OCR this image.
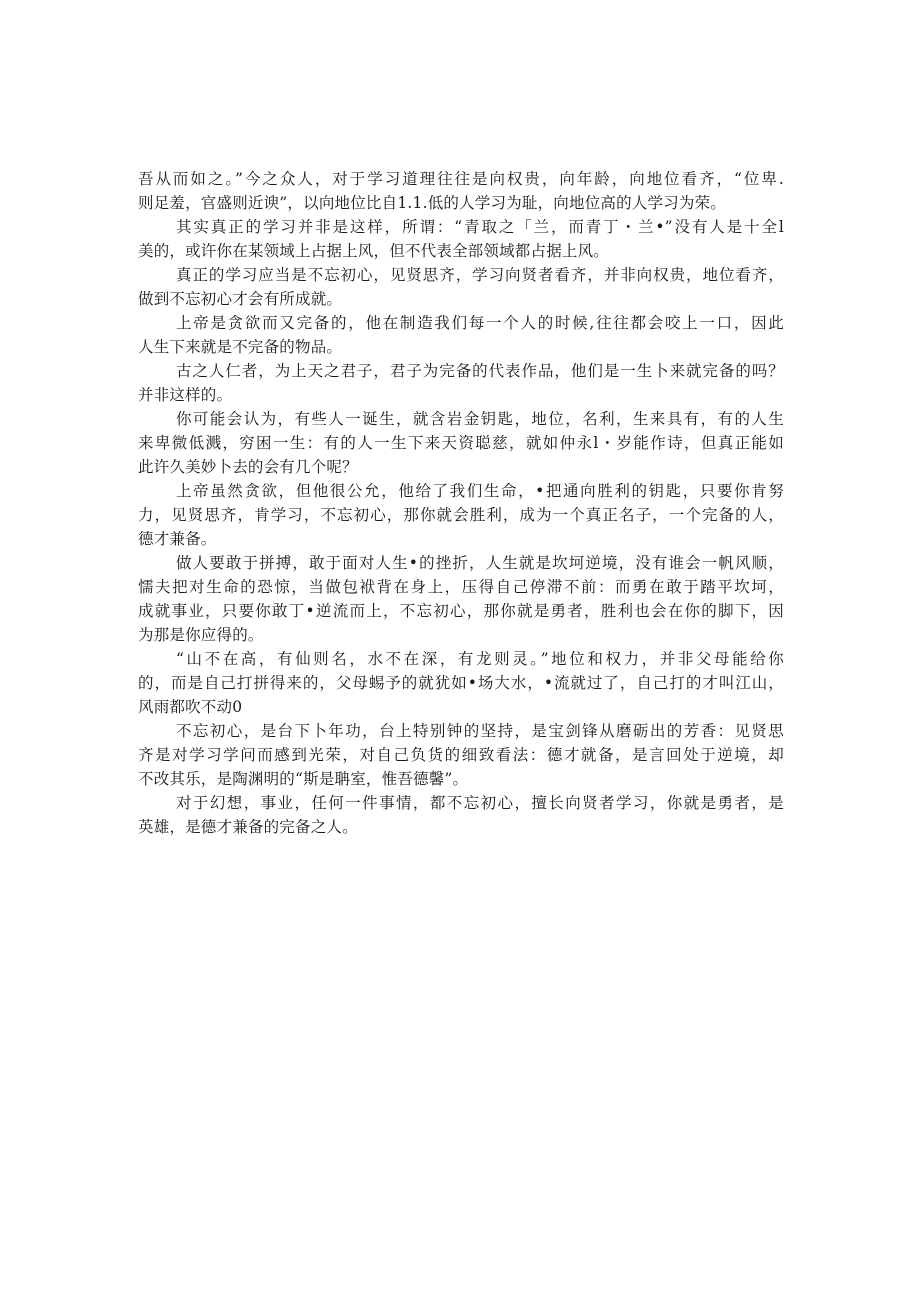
吾从而如之。”今之众人，对于学习道理往往是向权贵，向年龄，向地位看齐，“位卑.
则足羞，官盛则近谀”，以向地位比自1.1.低的人学习为耻，向地位高的人学习为荣。
其实真正的学习并非是这样，所谓：“青取之「兰，而青丁・兰•”没有人是十全l
美的，或许你在某领域上占据上风，但不代表全部领域都占据上风。
真正的学习应当是不忘初心，见贤思齐，学习向贤者看齐，并非向权贵，地位看齐，
做到不忘初心才会有所成就。
上帝是贪欲而又完备的，他在制造我们每一个人的时候,往往都会咬上一口，因此
人生下来就是不完备的物品。
古之人仁者，为上天之君子，君子为完备的代表作品，他们是一生卜来就完备的吗？
并非这样的。
你可能会认为，有些人一诞生，就含岩金钥匙，地位，名利，生来具有，有的人生
来卑微低溅，穷困一生：有的人一生下来天资聪慈，就如仲永l・岁能作诗，但真正能如
此许久美妙卜去的会有几个呢？
上帝虽然贪欲，但他很公允，他给了我们生命，•把通向胜利的钥匙，只要你肯努
力，见贤思齐，肯学习，不忘初心，那你就会胜利，成为一个真正名子，一个完备的人，
德才兼备。
做人要敢于拼搏，敢于面对人生•的挫折，人生就是坎坷逆境，没有谁会一帆风顺，
懦夫把对生命的恐惊，当做包袱背在身上，压得自己停滞不前：而勇在敢于踏平坎坷，
成就事业，只要你敢丁•逆流而上，不忘初心，那你就是勇者，胜利也会在你的脚下，因
为那是你应得的。
“山不在高，有仙则名，水不在深，有龙则灵。”地位和权力，并非父母能给你
的，而是自己打拼得来的，父母蜴予的就犹如•场大水，•流就过了，自己打的才叫江山，
风雨都吹不动0
不忘初心，是台下卜年功，台上特别钟的坚持，是宝剑锋从磨砺出的芳香：见贤思
齐是对学习学问而感到光荣，对自己负货的细致看法：德才就备，是言回处于逆境，却
不改其乐，是陶渊明的“斯是聃室，惟吾德馨”。
对于幻想，事业，任何一件事情，都不忘初心，擅长向贤者学习，你就是勇者，是
英雄，是德才兼备的完备之人。
